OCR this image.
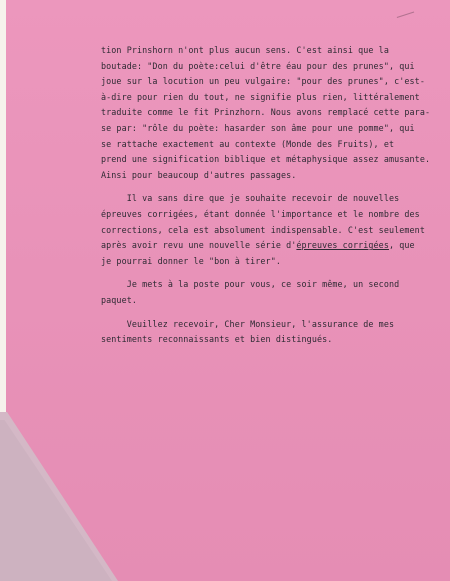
tion Prinshorn n'ont plus aucun sens. C'est ainsi que la
boutade: "Don du poète:celui d'être éau pour des prunes", qui
joue sur la locution un peu vulgaire: "pour des prunes", c'est-
à-dire pour rien du tout, ne signifie plus rien, littéralement
traduite comme le fit Prinzhorn. Nous avons remplacé cette para-
se par: "rôle du poète: hasarder son âme pour une pomme", qui
se rattache exactement au contexte (Monde des Fruits), et
prend une signification biblique et métaphysique assez amusante.
Ainsi pour beaucoup d'autres passages.
Il va sans dire que je souhaite recevoir de nouvelles
épreuves corrigées, étant donnée l'importance et le nombre des
corrections, cela est absolument indispensable. C'est seulement
après avoir revu une nouvelle série d'épreuves corrigées, que
je pourrai donner le "bon à tirer".
Je mets à la poste pour vous, ce soir même, un second
paquet.
Veuillez recevoir, Cher Monsieur, l'assurance de mes
sentiments reconnaissants et bien distingués.
